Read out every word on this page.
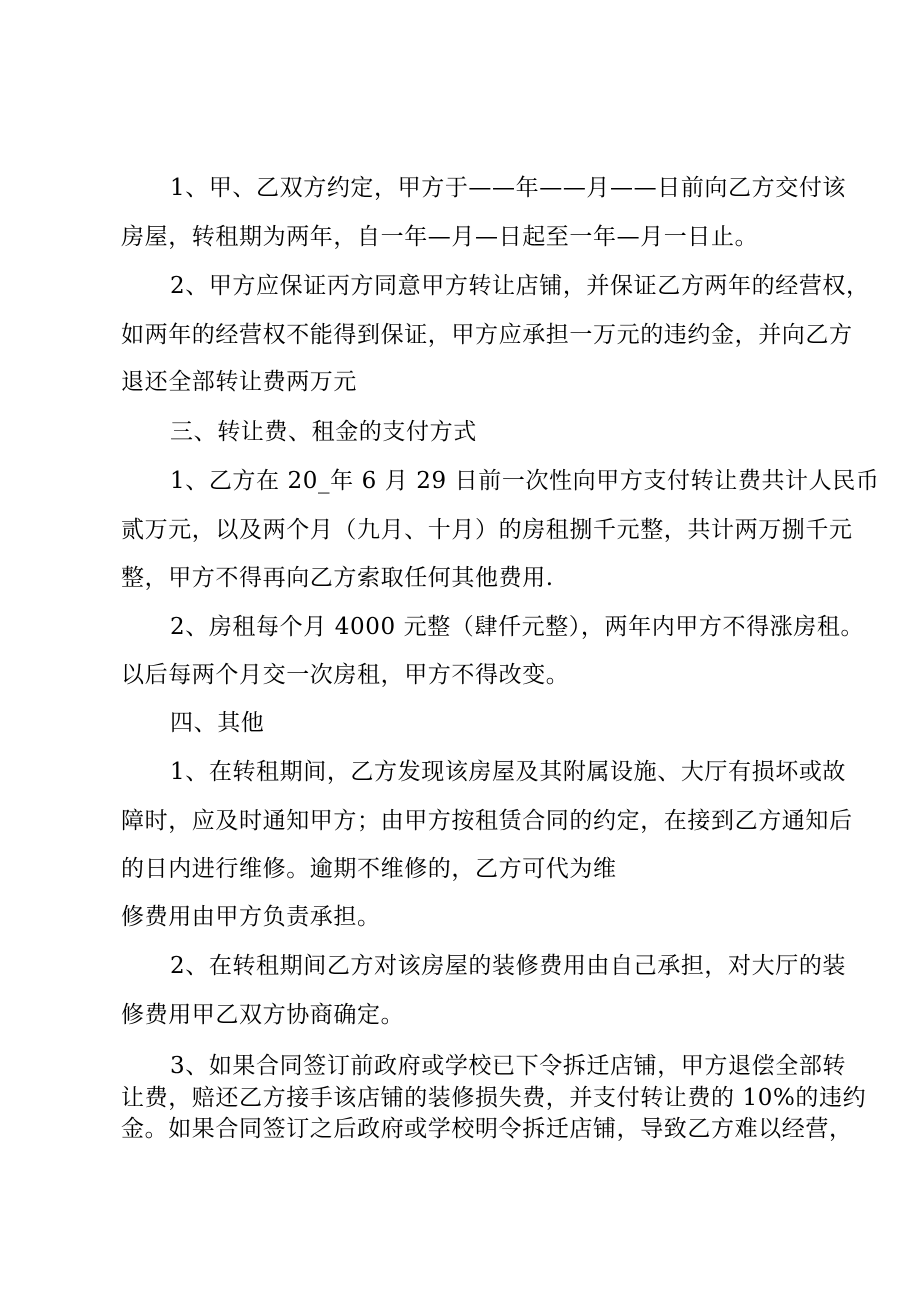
1、甲、乙双方约定，甲方于——年——月——日前向乙方交付该
房屋，转租期为两年，自一年—月—日起至一年—月一日止。
2、甲方应保证丙方同意甲方转让店铺，并保证乙方两年的经营权，
如两年的经营权不能得到保证，甲方应承担一万元的违约金，并向乙方
退还全部转让费两万元
三、转让费、租金的支付方式
1、乙方在 20_年 6 月 29 日前一次性向甲方支付转让费共计人民币
贰万元，以及两个月（九月、十月）的房租捌千元整，共计两万捌千元
整，甲方不得再向乙方索取任何其他费用.
2、房租每个月 4000 元整（肆仟元整），两年内甲方不得涨房租。
以后每两个月交一次房租，甲方不得改变。
四、其他
1、在转租期间，乙方发现该房屋及其附属设施、大厅有损坏或故
障时，应及时通知甲方；由甲方按租赁合同的约定，在接到乙方通知后
的日内进行维修。逾期不维修的，乙方可代为维
修费用由甲方负责承担。
2、在转租期间乙方对该房屋的装修费用由自己承担，对大厅的装
修费用甲乙双方协商确定。
3、如果合同签订前政府或学校已下令拆迁店铺，甲方退偿全部转
让费，赔还乙方接手该店铺的装修损失费，并支付转让费的 10%的违约
金。如果合同签订之后政府或学校明令拆迁店铺，导致乙方难以经营，
